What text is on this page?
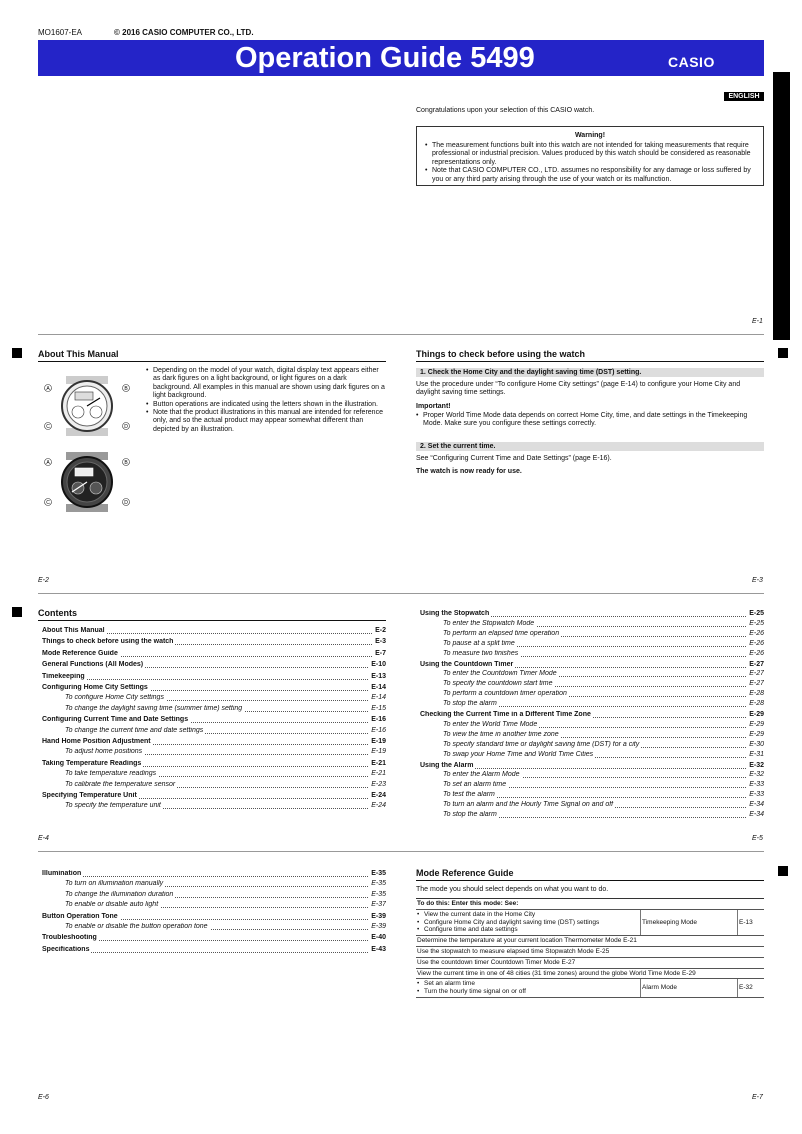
MO1607-EA	© 2016 CASIO COMPUTER CO., LTD.
Operation Guide 5499	CASIO
ENGLISH
Congratulations upon your selection of this CASIO watch.
Warning!
• The measurement functions built into this watch are not intended for taking measurements that require professional or industrial precision. Values produced by this watch should be considered as reasonable representations only.
• Note that CASIO COMPUTER CO., LTD. assumes no responsibility for any damage or loss suffered by you or any third party arising through the use of your watch or its malfunction.
E-1
About This Manual
A	B
C	D
A	B
C	D
• Depending on the model of your watch, digital display text appears either as dark figures on a light background, or light figures on a dark background. All examples in this manual are shown using dark figures on a light background.
• Button operations are indicated using the letters shown in the illustration.
• Note that the product illustrations in this manual are intended for reference only, and so the actual product may appear somewhat different than depicted by an illustration.
E-2
Things to check before using the watch
1. Check the Home City and the daylight saving time (DST) setting.
Use the procedure under “To configure Home City settings” (page E-14) to configure your Home City and daylight saving time settings.
Important!
• Proper World Time Mode data depends on correct Home City, time, and date settings in the Timekeeping Mode. Make sure you configure these settings correctly.
2. Set the current time.
See “Configuring Current Time and Date Settings” (page E-16).
The watch is now ready for use.
E-3
Contents
About This Manual	E-2
Things to check before using the watch	E-3
Mode Reference Guide	E-7
General Functions (All Modes)	E-10
Timekeeping	E-13
Configuring Home City Settings	E-14
To configure Home City settings	E-14
To change the daylight saving time (summer time) setting	E-15
Configuring Current Time and Date Settings	E-16
To change the current time and date settings	E-16
Hand Home Position Adjustment	E-19
To adjust home positions	E-19
Taking Temperature Readings	E-21
To take temperature readings	E-21
To calibrate the temperature sensor	E-23
Specifying Temperature Unit	E-24
To specify the temperature unit	E-24
Using the Stopwatch	E-25
To enter the Stopwatch Mode	E-25
To perform an elapsed time operation	E-26
To pause at a split time	E-26
To measure two finishes	E-26
Using the Countdown Timer	E-27
To enter the Countdown Timer Mode	E-27
To specify the countdown start time	E-27
To perform a countdown timer operation	E-28
To stop the alarm	E-28
Checking the Current Time in a Different Time Zone	E-29
To enter the World Time Mode	E-29
To view the time in another time zone	E-29
To specify standard time or daylight saving time (DST) for a city	E-30
To swap your Home Time and World Time Cities	E-31
Using the Alarm	E-32
To enter the Alarm Mode	E-32
To set an alarm time	E-33
To test the alarm	E-33
To turn an alarm and the Hourly Time Signal on and off	E-34
To stop the alarm	E-34
E-4	E-5
Illumination	E-35
To turn on illumination manually	E-35
To change the illumination duration	E-35
To enable or disable auto light	E-37
Button Operation Tone	E-39
To enable or disable the button operation tone	E-39
Troubleshooting	E-40
Specifications	E-43
E-6
Mode Reference Guide
The mode you should select depends on what you want to do.
To do this: Enter this mode: See:		

• View the current date in the Home City
• Configure Home City and daylight saving time (DST) settings
• Configure time and date settings	Timekeeping Mode	E-13
Determine the temperature at your current location Thermometer Mode E-21		
Use the stopwatch to measure elapsed time Stopwatch Mode E-25		
Use the countdown timer Countdown Timer Mode E-27		
View the current time in one of 48 cities (31 time zones) around the globe World Time Mode E-29		

• Set an alarm time
• Turn the hourly time signal on or off	Alarm Mode	E-32
E-7
